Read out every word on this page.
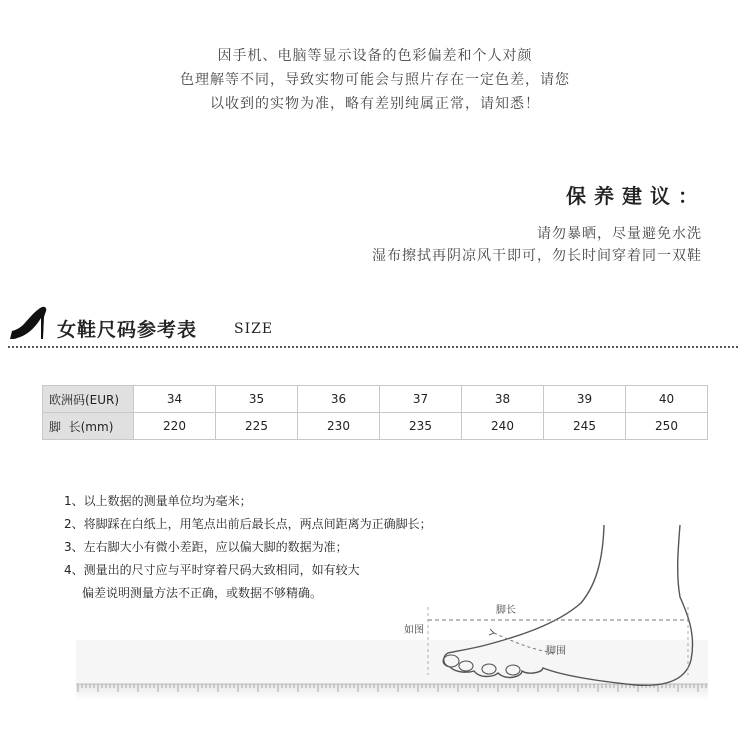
因手机、电脑等显示设备的色彩偏差和个人对颜
色理解等不同，导致实物可能会与照片存在一定色差，请您
以收到的实物为准，略有差别纯属正常，请知悉！
保养建议：
请勿暴晒，尽量避免水洗
湿布擦拭再阴凉风干即可，勿长时间穿着同一双鞋
女鞋尺码参考表	SIZE
欧洲码(EUR)	34	35	36	37	38	39	40
脚  长(mm)	220	225	230	235	240	245	250
1、以上数据的测量单位均为毫米；
2、将脚踩在白纸上，用笔点出前后最长点，两点间距离为正确脚长；
3、左右脚大小有微小差距，应以偏大脚的数据为准；
4、测量出的尺寸应与平时穿着尺码大致相同，如有较大
偏差说明测量方法不正确，或数据不够精确。
脚长
脚围
如图
